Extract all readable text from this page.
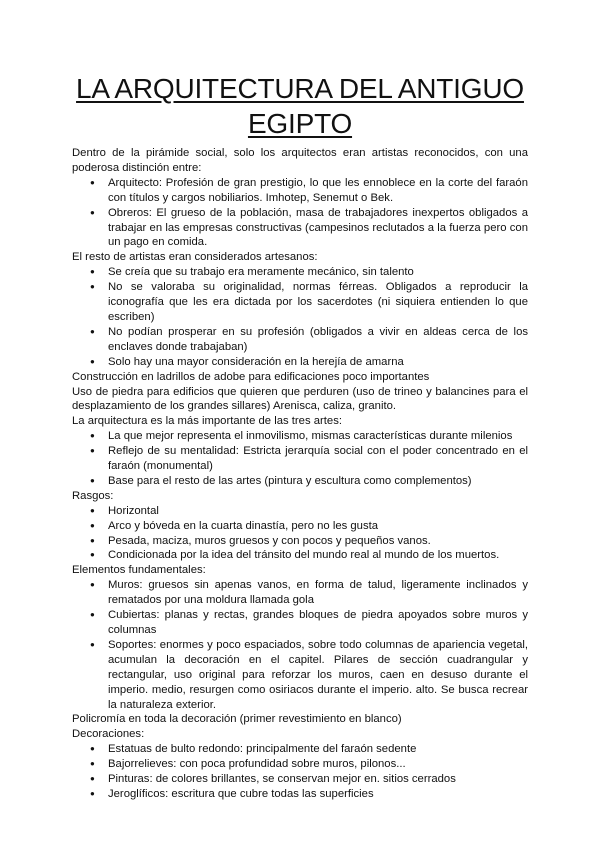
LA ARQUITECTURA DEL ANTIGUO EGIPTO

Dentro de la pirámide social, solo los arquitectos eran artistas reconocidos, con una poderosa distinción entre:

● Arquitecto: Profesión de gran prestigio, lo que les ennoblece en la corte del faraón con títulos y cargos nobiliarios. Imhotep, Senemut o Bek.
● Obreros: El grueso de la población, masa de trabajadores inexpertos obligados a trabajar en las empresas constructivas (campesinos reclutados a la fuerza pero con un pago en comida.

El resto de artistas eran considerados artesanos:

● Se creía que su trabajo era meramente mecánico, sin talento
● No se valoraba su originalidad, normas férreas. Obligados a reproducir la iconografía que les era dictada por los sacerdotes (ni siquiera entienden lo que escriben)
● No podían prosperar en su profesión (obligados a vivir en aldeas cerca de los enclaves donde trabajaban)
● Solo hay una mayor consideración en la herejía de amarna

Construcción en ladrillos de adobe para edificaciones poco importantes

Uso de piedra para edificios que quieren que perduren (uso de trineo y balancines para el desplazamiento de los grandes sillares) Arenisca, caliza, granito.

La arquitectura es la más importante de las tres artes:

● La que mejor representa el inmovilismo, mismas características durante milenios
● Reflejo de su mentalidad: Estricta jerarquía social con el poder concentrado en el faraón (monumental)
● Base para el resto de las artes (pintura y escultura como complementos)

Rasgos:

● Horizontal
● Arco y bóveda en la cuarta dinastía, pero no les gusta
● Pesada, maciza, muros gruesos y con pocos y pequeños vanos.
● Condicionada por la idea del tránsito del mundo real al mundo de los muertos.

Elementos fundamentales:

● Muros: gruesos sin apenas vanos, en forma de talud, ligeramente inclinados y rematados por una moldura llamada gola
● Cubiertas: planas y rectas, grandes bloques de piedra apoyados sobre muros y columnas
● Soportes: enormes y poco espaciados, sobre todo columnas de apariencia vegetal, acumulan la decoración en el capitel. Pilares de sección cuadrangular y rectangular, uso original para reforzar los muros, caen en desuso durante el imperio. medio, resurgen como osiriacos durante el imperio. alto. Se busca recrear la naturaleza exterior.

Policromía en toda la decoración (primer revestimiento en blanco)

Decoraciones:

● Estatuas de bulto redondo: principalmente del faraón sedente
● Bajorrelieves: con poca profundidad sobre muros, pilonos...
● Pinturas: de colores brillantes, se conservan mejor en. sitios cerrados
● Jeroglíficos: escritura que cubre todas las superficies
